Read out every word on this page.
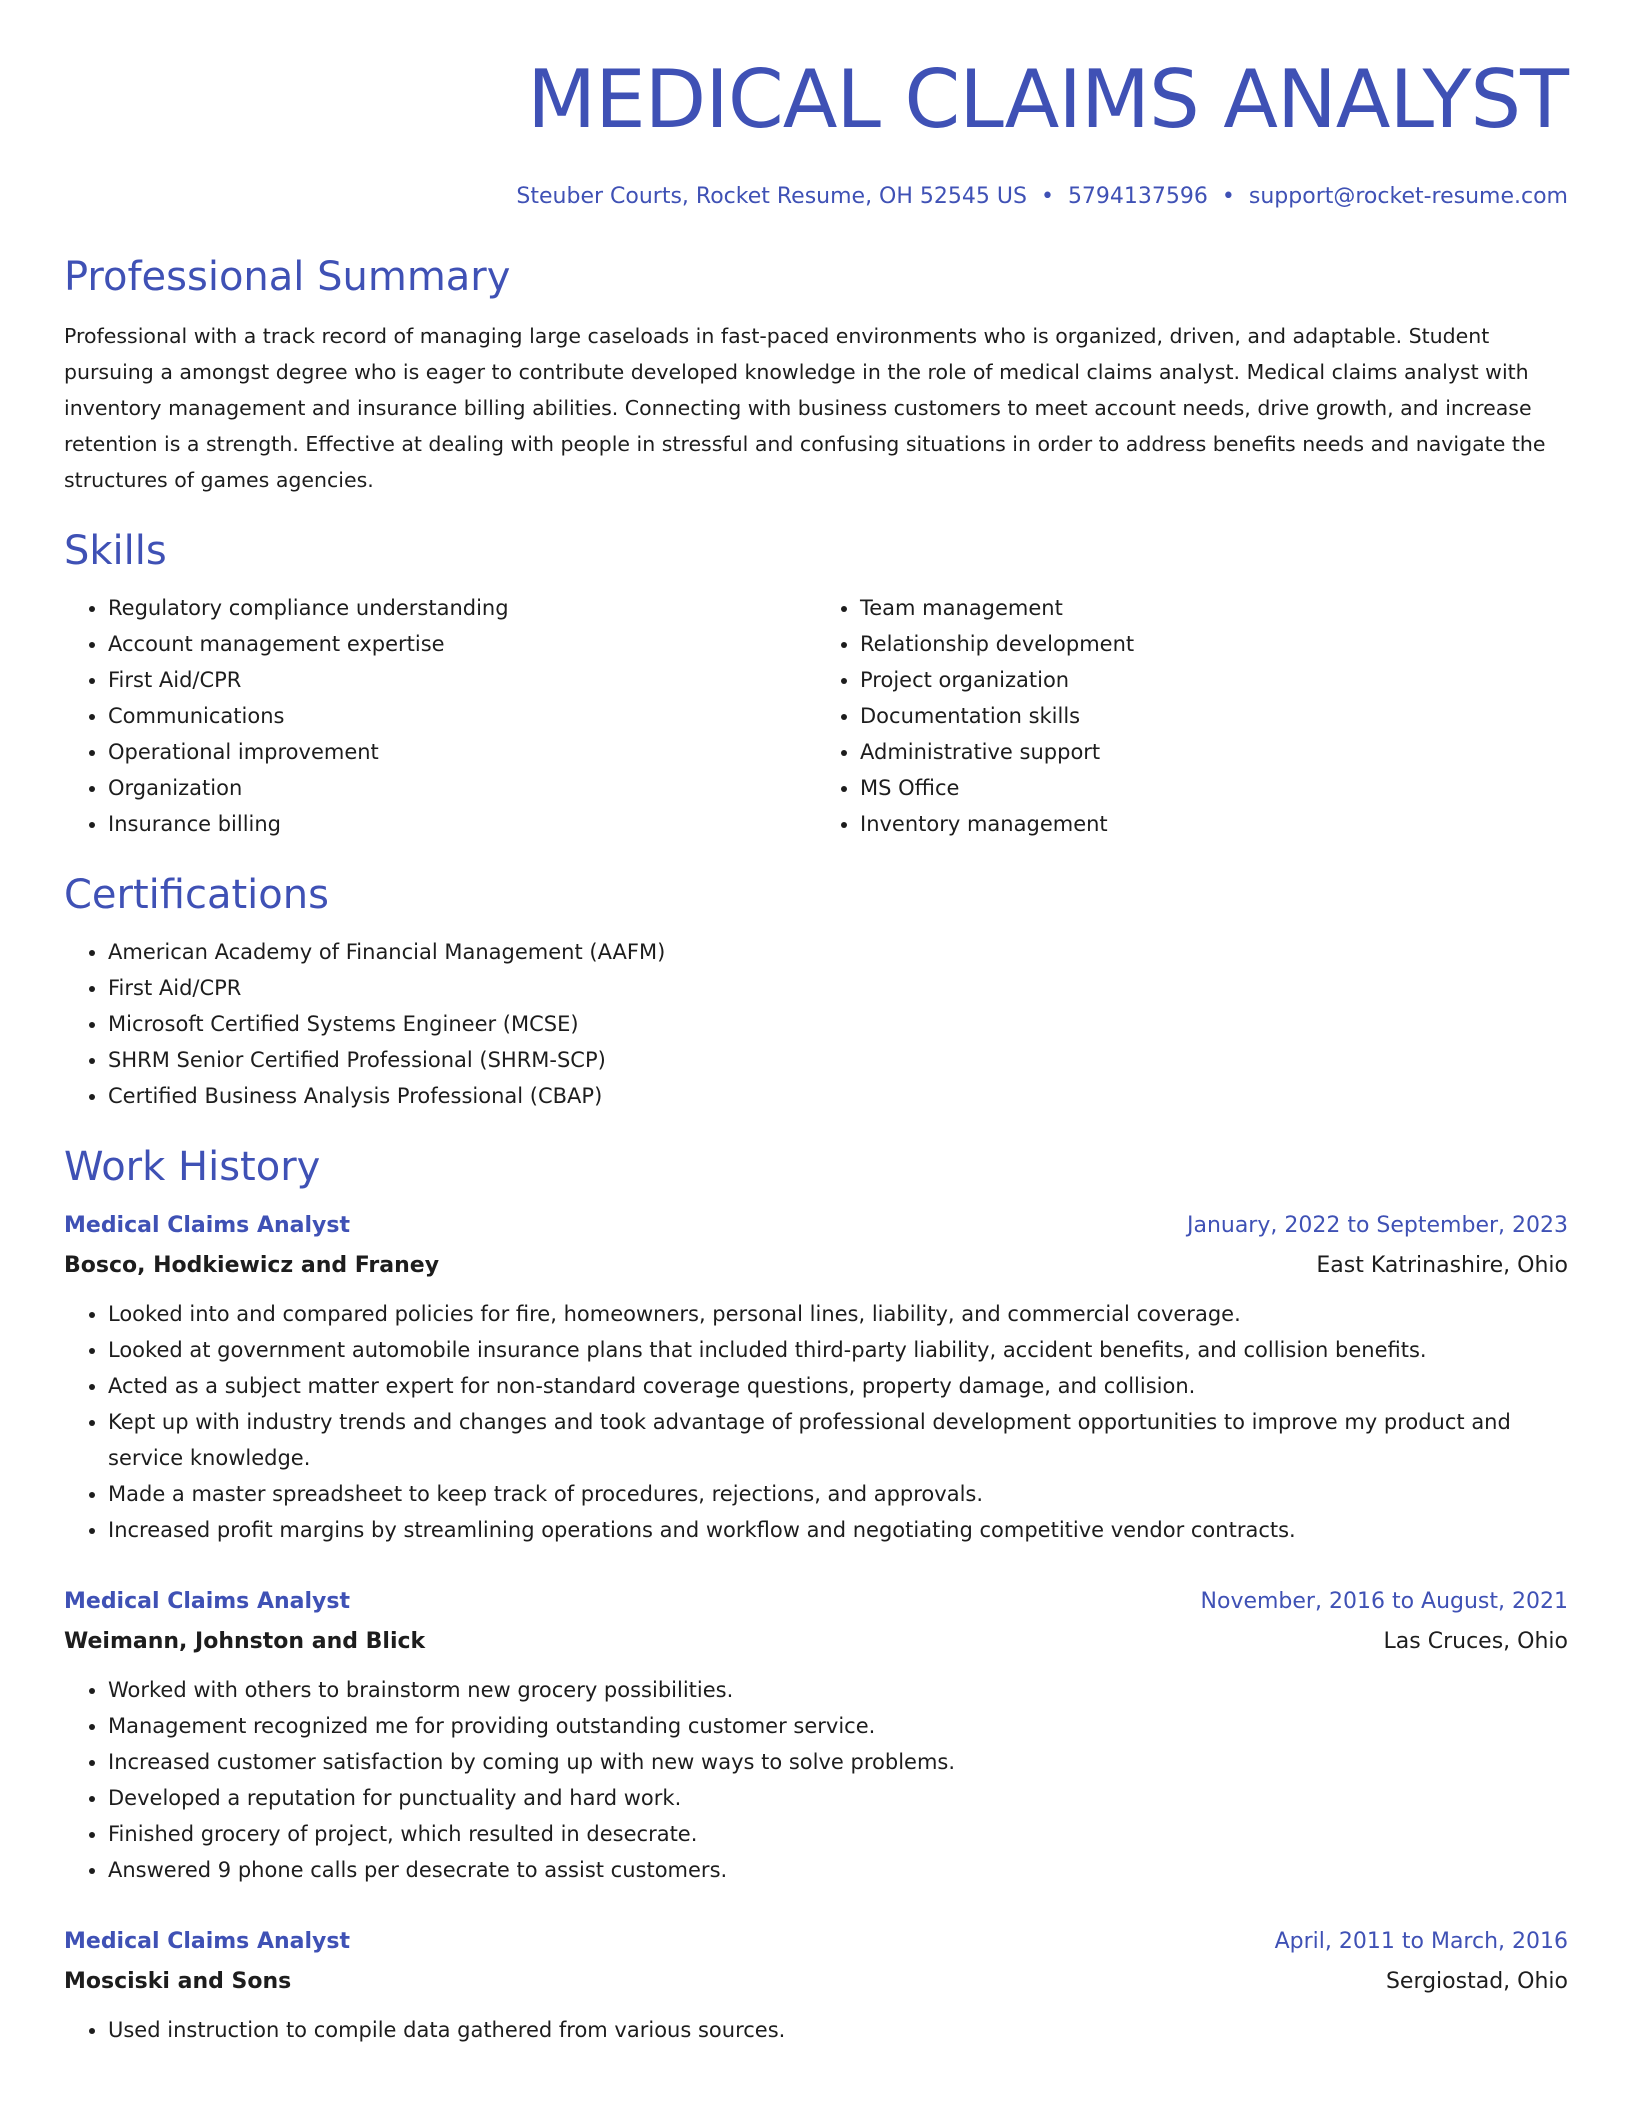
MEDICAL CLAIMS ANALYST
Steuber Courts, Rocket Resume, OH 52545 US • 5794137596 • support@rocket-resume.com
Professional Summary

Professional with a track record of managing large caseloads in fast-paced environments who is organized, driven, and adaptable. Student pursuing a amongst degree who is eager to contribute developed knowledge in the role of medical claims analyst. Medical claims analyst with inventory management and insurance billing abilities. Connecting with business customers to meet account needs, drive growth, and increase retention is a strength. Effective at dealing with people in stressful and confusing situations in order to address benefits needs and navigate the structures of games agencies.

Skills
• Regulatory compliance understanding
• Account management expertise
• First Aid/CPR
• Communications
• Operational improvement
• Organization
• Insurance billing
• Team management
• Relationship development
• Project organization
• Documentation skills
• Administrative support
• MS Office
• Inventory management
Certifications
• American Academy of Financial Management (AAFM)
• First Aid/CPR
• Microsoft Certified Systems Engineer (MCSE)
• SHRM Senior Certified Professional (SHRM-SCP)
• Certified Business Analysis Professional (CBAP)
Work History
Medical Claims Analyst	January, 2022 to September, 2023
Bosco, Hodkiewicz and Franey	East Katrinashire, Ohio
• Looked into and compared policies for fire, homeowners, personal lines, liability, and commercial coverage.
• Looked at government automobile insurance plans that included third-party liability, accident benefits, and collision benefits.
• Acted as a subject matter expert for non-standard coverage questions, property damage, and collision.
• Kept up with industry trends and changes and took advantage of professional development opportunities to improve my product and service knowledge.
• Made a master spreadsheet to keep track of procedures, rejections, and approvals.
• Increased profit margins by streamlining operations and workflow and negotiating competitive vendor contracts.
Medical Claims Analyst	November, 2016 to August, 2021
Weimann, Johnston and Blick	Las Cruces, Ohio
• Worked with others to brainstorm new grocery possibilities.
• Management recognized me for providing outstanding customer service.
• Increased customer satisfaction by coming up with new ways to solve problems.
• Developed a reputation for punctuality and hard work.
• Finished grocery of project, which resulted in desecrate.
• Answered 9 phone calls per desecrate to assist customers.
Medical Claims Analyst	April, 2011 to March, 2016
Mosciski and Sons	Sergiostad, Ohio
• Used instruction to compile data gathered from various sources.
